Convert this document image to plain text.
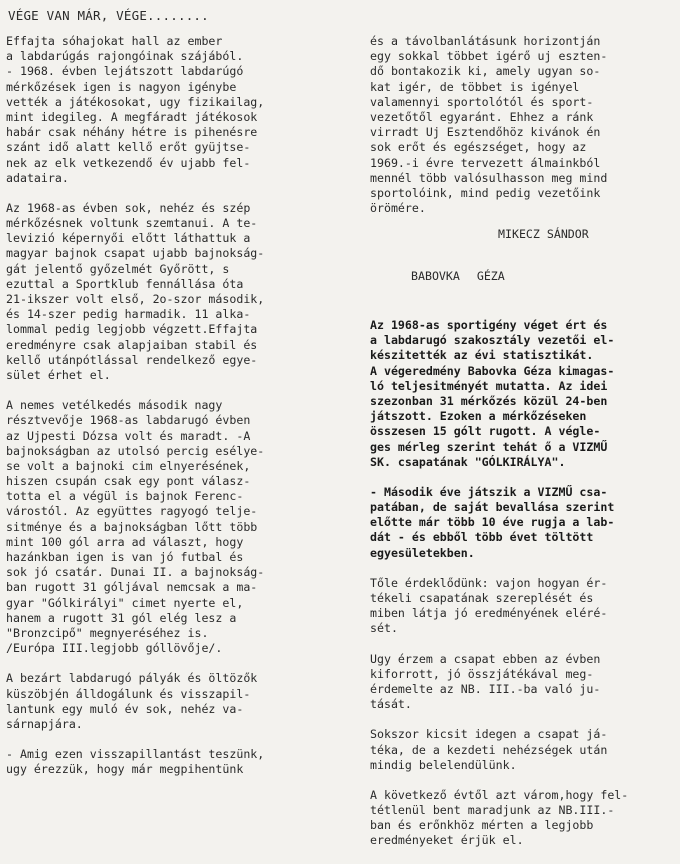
VÉGE VAN MÁR, VÉGE........
Effajta sóhajokat hall az ember
a labdarúgás rajongóinak szájából.
- 1968. évben lejátszott labdarúgó
mérkőzések igen is nagyon igénybe
vették a játékosokat, ugy fizikailag,
mint idegileg. A megfáradt játékosok
habár csak néhány hétre is pihenésre
szánt idő alatt kellő erőt gyüjtse-
nek az elk vetkezendő év ujabb fel-
adataira.
Az 1968-as évben sok, nehéz és szép
mérkőzésnek voltunk szemtanui. A te-
levizió képernyői előtt láthattuk a
magyar bajnok csapat ujabb bajnokság-
gát jelentő győzelmét Győrött, s
ezuttal a Sportklub fennállása óta
21-ikszer volt első, 2o-szor második,
és 14-szer pedig harmadik. 11 alka-
lommal pedig legjobb végzett.Effajta
eredményre csak alapjaiban stabil és
kellő utánpótlással rendelkező egye-
sület érhet el.
A nemes vetélkedés második nagy
résztvevője 1968-as labdarugó évben
az Ujpesti Dózsa volt és maradt. -A
bajnokságban az utolsó percig esélye-
se volt a bajnoki cim elnyerésének,
hiszen csupán csak egy pont válasz-
totta el a végül is bajnok Ferenc-
várostól. Az együttes ragyogó telje-
sitménye és a bajnokságban lőtt több
mint 100 gól arra ad választ, hogy
hazánkban igen is van jó futbal és
sok jó csatár. Dunai II. a bajnokság-
ban rugott 31 góljával nemcsak a ma-
gyar "Gólkirályi" cimet nyerte el,
hanem a rugott 31 gól elég lesz a
"Bronzcipő" megnyeréséhez is.
/Európa III.legjobb góllövője/.
A bezárt labdarugó pályák és öltözők
küszöbjén álldogálunk és visszapil-
lantunk egy muló év sok, nehéz va-
sárnapjára.
- Amig ezen visszapillantást teszünk,
ugy érezzük, hogy már megpihentünk
és a távolbanlátásunk horizontján
egy sokkal többet igérő uj eszten-
dő bontakozik ki, amely ugyan so-
kat igér, de többet is igényel
valamennyi sportolótól és sport-
vezetőtől egyaránt. Ehhez a ránk
virradt Uj Esztendőhöz kivánok én
sok erőt és egészséget, hogy az
1969.-i évre tervezett álmainkból
mennél több valósulhasson meg mind
sportolóink, mind pedig vezetőink
örömére.
MIKECZ SÁNDOR
BABOVKA GÉZA
Az 1968-as sportigény véget ért és
a labdarugó szakosztály vezetői el-
készitették az évi statisztikát.
A végeredmény Babovka Géza kimagas-
ló teljesitményét mutatta. Az idei
szezonban 31 mérkőzés közül 24-ben
játszott. Ezoken a mérkőzéseken
összesen 15 gólt rugott. A végle-
ges mérleg szerint tehát ő a VIZMŰ
SK. csapatának "GÓLKIRÁLYA".
- Második éve játszik a VIZMŰ csa-
patában, de saját bevallása szerint
előtte már több 10 éve rugja a lab-
dát - és ebből több évet töltött
egyesületekben.
Tőle érdeklődünk: vajon hogyan ér-
tékeli csapatának szereplését és
miben látja jó eredményének eléré-
sét.
Ugy érzem a csapat ebben az évben
kiforrott, jó összjátékával meg-
érdemelte az NB. III.-ba való ju-
tását.
Sokszor kicsit idegen a csapat já-
téka, de a kezdeti nehézségek után
mindig belelendülünk.
A következő évtől azt várom,hogy fel-
tétlenül bent maradjunk az NB.III.-
ban és erőnkhöz mérten a legjobb
eredményeket érjük el.
